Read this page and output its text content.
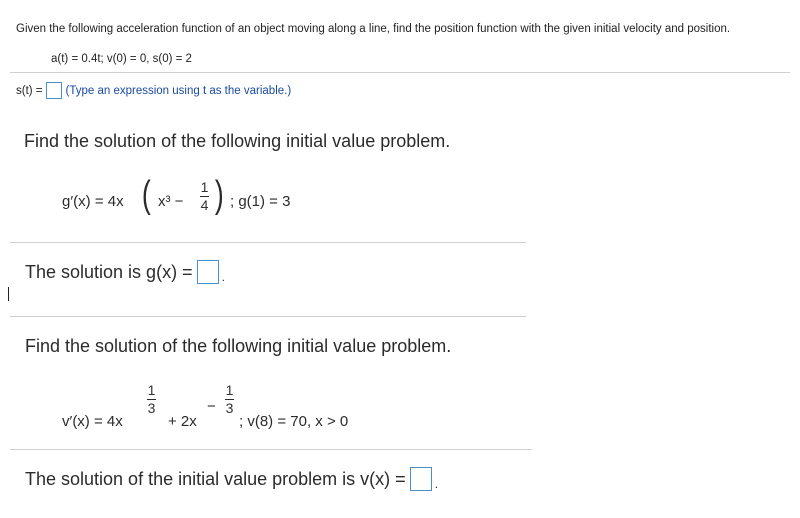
Given the following acceleration function of an object moving along a line, find the position function with the given initial velocity and position.
a(t) = 0.4t; v(0) = 0, s(0) = 2
s(t) = (Type an expression using t as the variable.)
Find the solution of the following initial value problem.
g′(x) = 4x ( x³ −
1
4 ) ; g(1) = 3
The solution is g(x) = .
Find the solution of the following initial value problem.
v′(x) = 4x
1
3
+ 2x
−
1
3
; v(8) = 70, x > 0
The solution of the initial value problem is v(x) = .
